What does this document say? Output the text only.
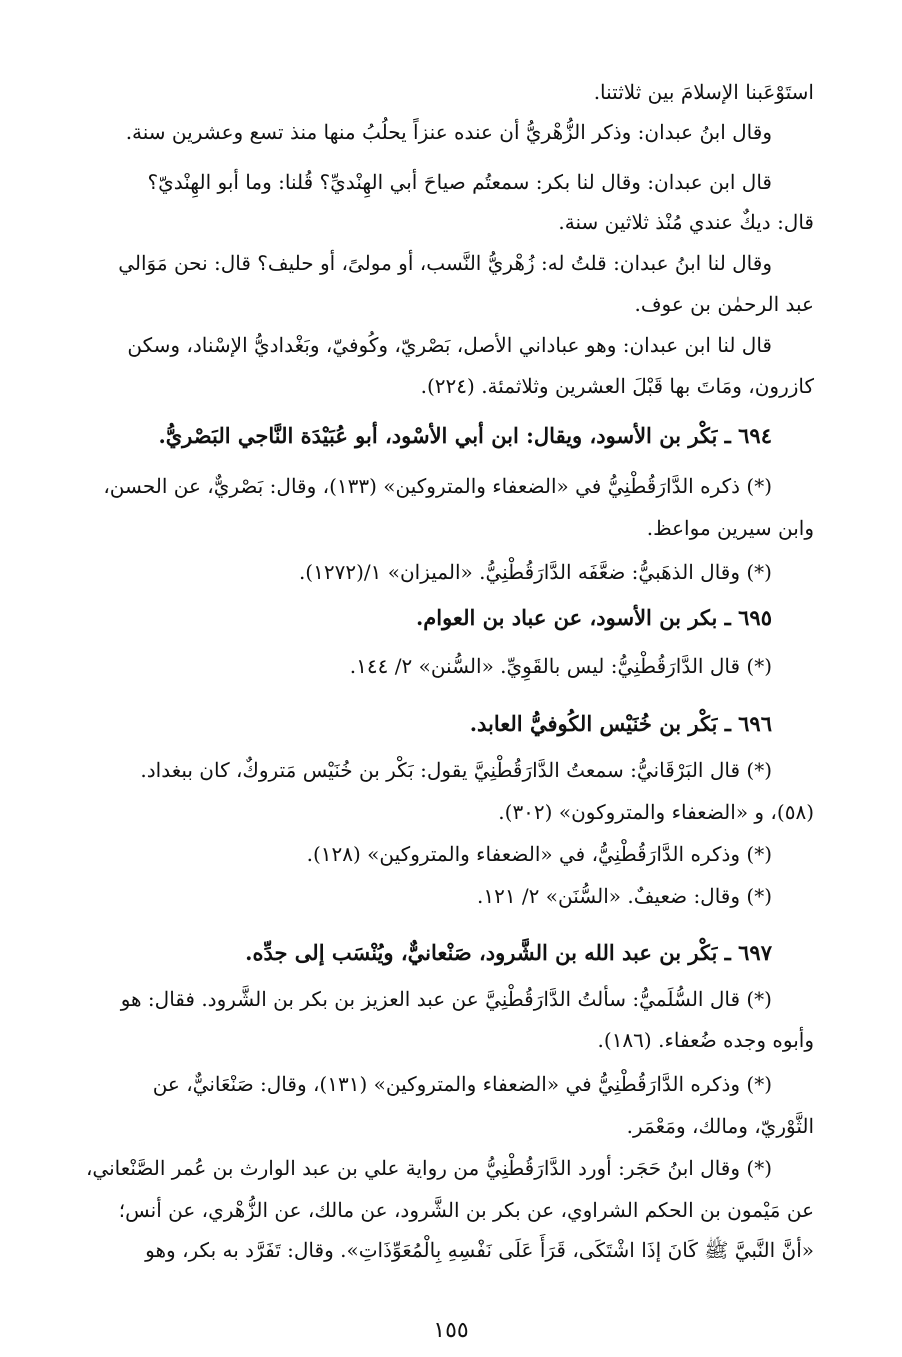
استَوْعَبنا الإسلامَ بين ثلاثتنا.
وقال ابنُ عبدان: وذكر الزُّهْريُّ أن عنده عنزاً يحلُبُ منها منذ تسع وعشرين سنة.
قال ابن عبدان: وقال لنا بكر: سمعتُم صياحَ أبي الهِنْديِّ؟ قُلنا: وما أبو الهِنْديّ؟
قال: ديكٌ عندي مُنْذ ثلاثين سنة.
وقال لنا ابنُ عبدان: قلتُ له: زُهْريُّ النَّسب، أو مولىً، أو حليف؟ قال: نحن مَوَالي
عبد الرحمٰن بن عوف.
قال لنا ابن عبدان: وهو عباداني الأصل، بَصْريّ، وكُوفيّ، وبَغْداديُّ الإسْناد، وسكن
كازرون، ومَاتَ بها قَبْلَ العشرين وثلاثمئة. (٢٢٤).
٦٩٤ ـ بَكْر بن الأسود، ويقال: ابن أبي الأسْود، أبو عُبَيْدَة النَّاجي البَصْريُّ.
(*) ذكره الدَّارَقُطْنِيُّ في «الضعفاء والمتروكين» (١٣٣)، وقال: بَصْريٌّ، عن الحسن،
وابن سيرين مواعظ.
(*) وقال الذهَبيُّ: ضعَّفَه الدَّارَقُطْنِيُّ. «الميزان» ١/(١٢٧٢).
٦٩٥ ـ بكر بن الأسود، عن عباد بن العوام.
(*) قال الدَّارَقُطْنِيُّ: ليس بالقَوِيِّ. «السُّنن» ٢/ ١٤٤.
٦٩٦ ـ بَكْر بن خُنَيْس الكُوفيُّ العابد.
(*) قال البَرْقَانيُّ: سمعتُ الدَّارَقُطْنِيَّ يقول: بَكْر بن خُنَيْس مَتروكٌ، كان ببغداد.
(٥٨)، و «الضعفاء والمتروكون» (٣٠٢).
(*) وذكره الدَّارَقُطْنِيُّ، في «الضعفاء والمتروكين» (١٢٨).
(*) وقال: ضعيفٌ. «السُّنَن» ٢/ ١٢١.
٦٩٧ ـ بَكْر بن عبد الله بن الشَّرود، صَنْعانيٌّ، ويُنْسَب إلى جدِّه.
(*) قال السُّلَميُّ: سألتُ الدَّارَقُطْنِيَّ عن عبد العزيز بن بكر بن الشَّرود. فقال: هو
وأبوه وجده ضُعفاء. (١٨٦).
(*) وذكره الدَّارَقُطْنِيُّ في «الضعفاء والمتروكين» (١٣١)، وقال: صَنْعَانيٌّ، عن
الثَّوْريّ، ومالك، ومَعْمَر.
(*) وقال ابنُ حَجَر: أورد الدَّارَقُطْنِيُّ من رواية علي بن عبد الوارث بن عُمر الصَّنْعاني،
عن مَيْمون بن الحكم الشراوي، عن بكر بن الشَّرود، عن مالك، عن الزُّهْري، عن أنس؛
«أنَّ النَّبيَّ ﷺ كَانَ إذَا اشْتَكَى، قَرَأَ عَلَى نَفْسِهِ بِالْمُعَوِّذَاتِ». وقال: تَفَرَّد به بكر، وهو
١٥٥
